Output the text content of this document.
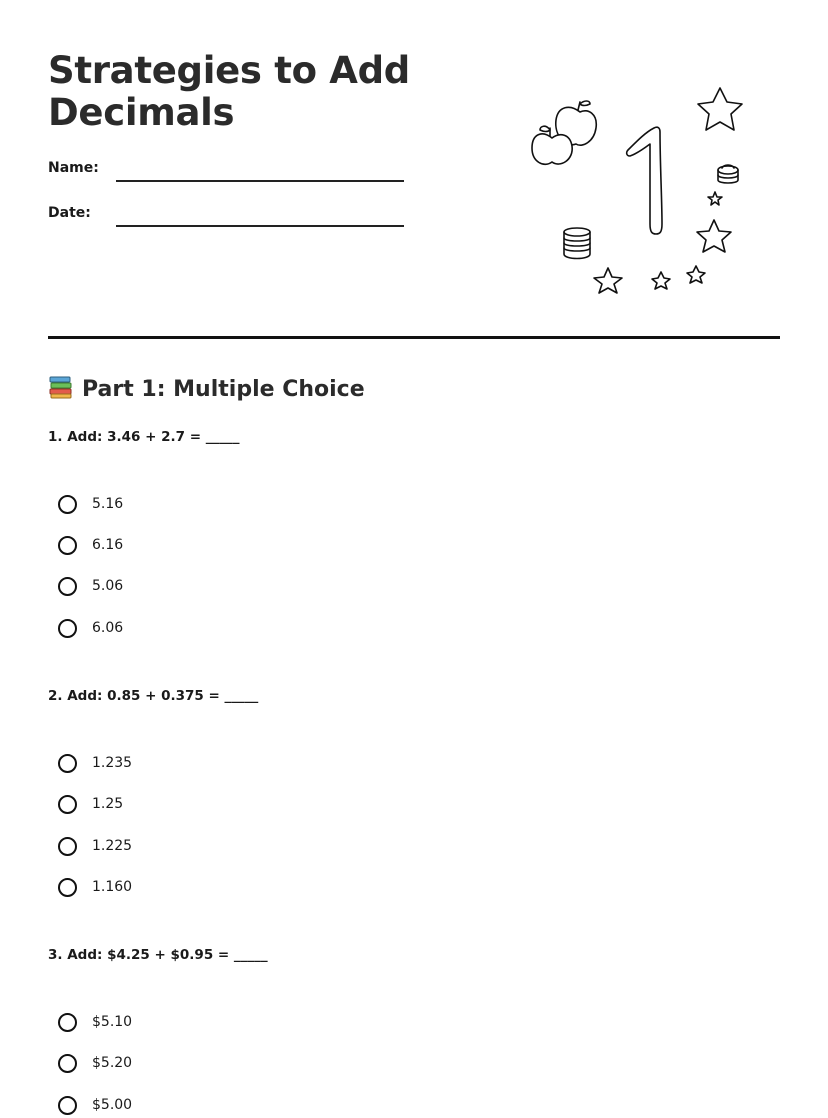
Strategies to Add
Decimals
Name:
Date:
1
Part 1: Multiple Choice

1. Add: 3.46 + 2.7 = _____

5.16
6.16
5.06
6.06

2. Add: 0.85 + 0.375 = _____

1.235
1.25
1.225
1.160

3. Add: $4.25 + $0.95 = _____

$5.10
$5.20
$5.00
